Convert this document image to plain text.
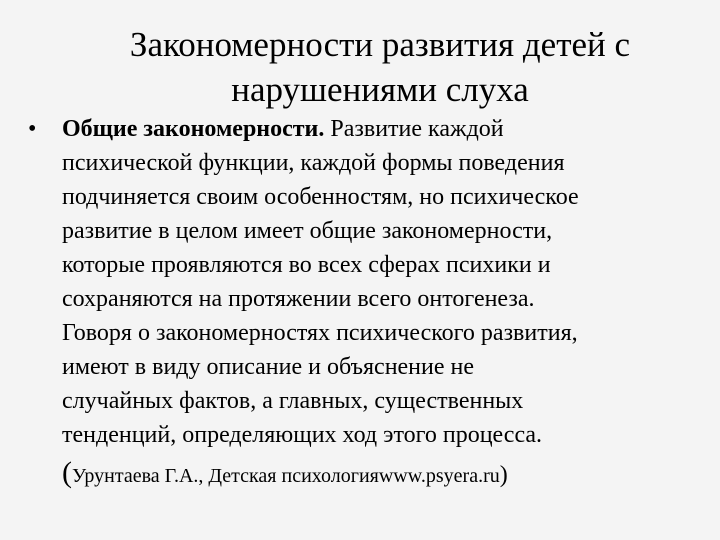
Закономерности развития детей с
нарушениями слуха
• Общие закономерности. Развитие каждой
психической функции, каждой формы поведения
подчиняется своим особенностям, но психическое
развитие в целом имеет общие закономерности,
которые проявляются во всех сферах психики и
сохраняются на протяжении всего онтогенеза.
Говоря о закономерностях психического развития,
имеют в виду описание и объяснение не
случайных фактов, а главных, существенных
тенденций, определяющих ход этого процесса.
(Урунтаева Г.А., Детская психологияwww.psyera.ru)
